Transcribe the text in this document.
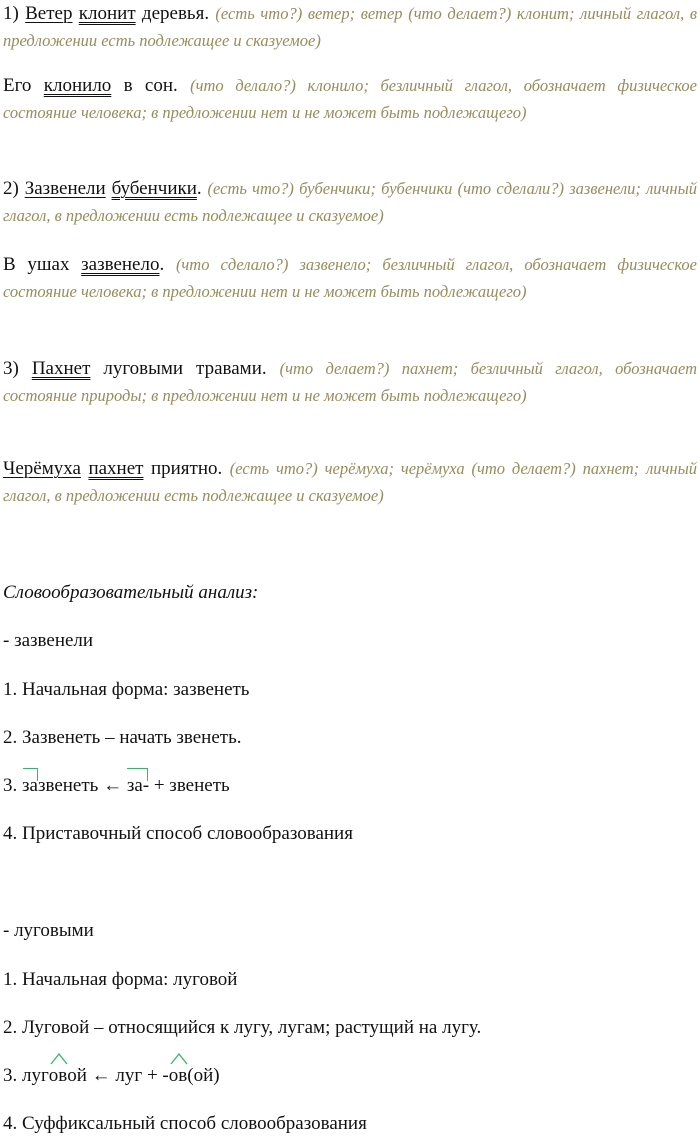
1) Ветер клонит деревья. (есть что?) ветер; ветер (что делает?) клонит; личный глагол, в предложении есть подлежащее и сказуемое)

Его клонило в сон. (что делало?) клонило; безличный глагол, обозначает физическое состояние человека; в предложении нет и не может быть подлежащего)

2) Зазвенели бубенчики. (есть что?) бубенчики; бубенчики (что сделали?) зазвенели; личный глагол, в предложении есть подлежащее и сказуемое)

В ушах зазвенело. (что сделало?) зазвенело; безличный глагол, обозначает физическое состояние человека; в предложении нет и не может быть подлежащего)

3) Пахнет луговыми травами. (что делает?) пахнет; безличный глагол, обозначает состояние природы; в предложении нет и не может быть подлежащего)

Черёмуха пахнет приятно. (есть что?) черёмуха; черёмуха (что делает?) пахнет; личный глагол, в предложении есть подлежащее и сказуемое)

Словообразовательный анализ:

- зазвенели

1. Начальная форма: зазвенеть

2. Зазвенеть – начать звенеть.

3.
зазвенеть ←
за- + звенеть

4. Приставочный способ словообразования

- луговыми

1. Начальная форма: луговой

2. Луговой – относящийся к лугу, лугам; растущий на лугу.

3. луг
овой ← луг + -
ов(ой)

4. Суффиксальный способ словообразования
